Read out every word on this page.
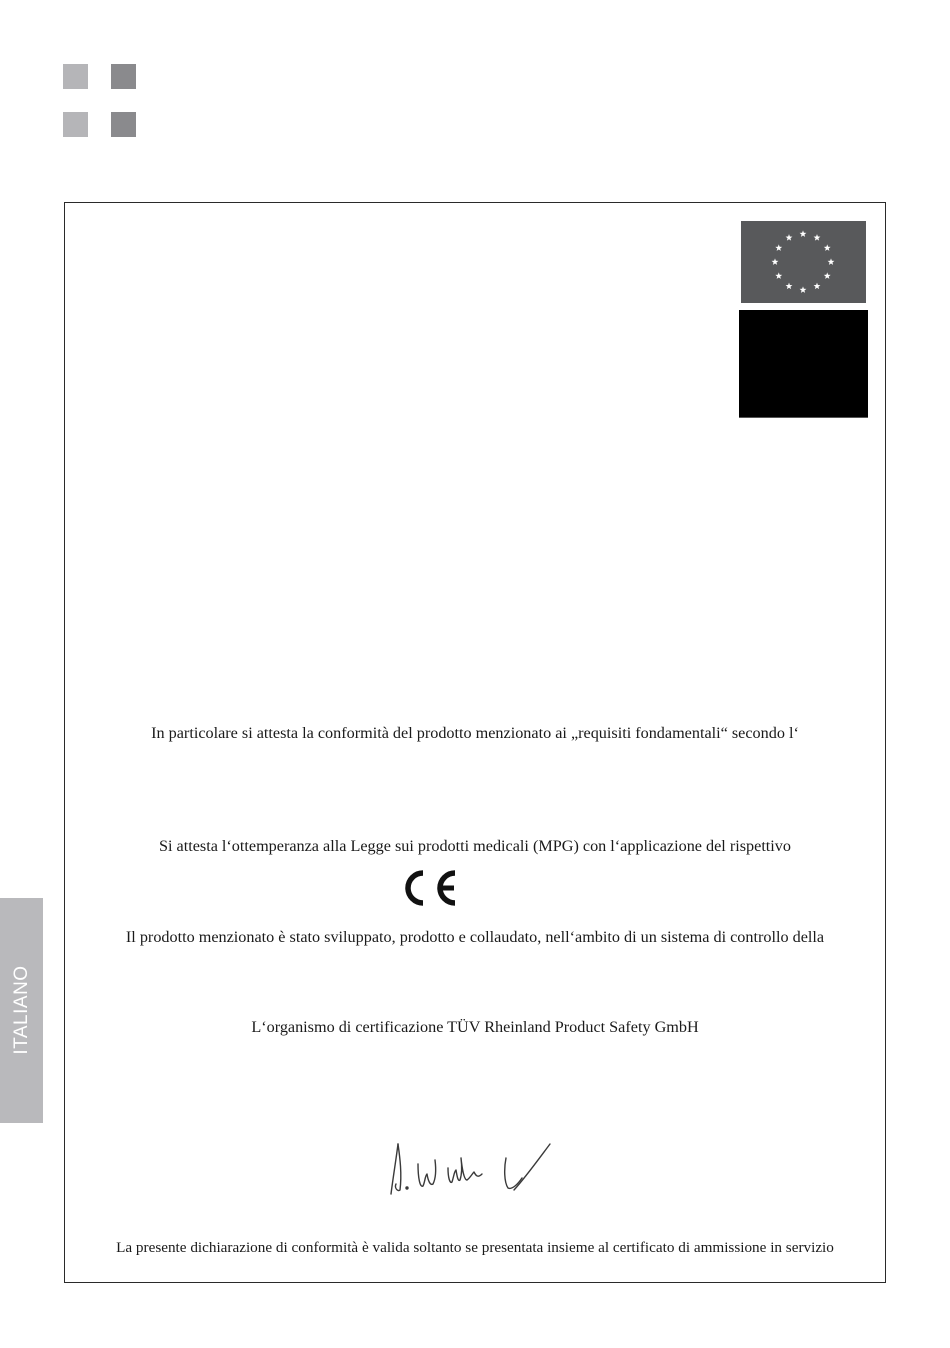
ITALIANO
In particolare si attesta la conformità del prodotto menzionato ai „requisiti fondamentali“ secondo l‘
Si attesta l‘ottemperanza alla Legge sui prodotti medicali (MPG) con l‘applicazione del rispettivo
Il prodotto menzionato è stato sviluppato, prodotto e collaudato, nell‘ambito di un sistema di controllo della
L‘organismo di certificazione TÜV Rheinland Product Safety GmbH
La presente dichiarazione di conformità è valida soltanto se presentata insieme al certificato di ammissione in servizio
